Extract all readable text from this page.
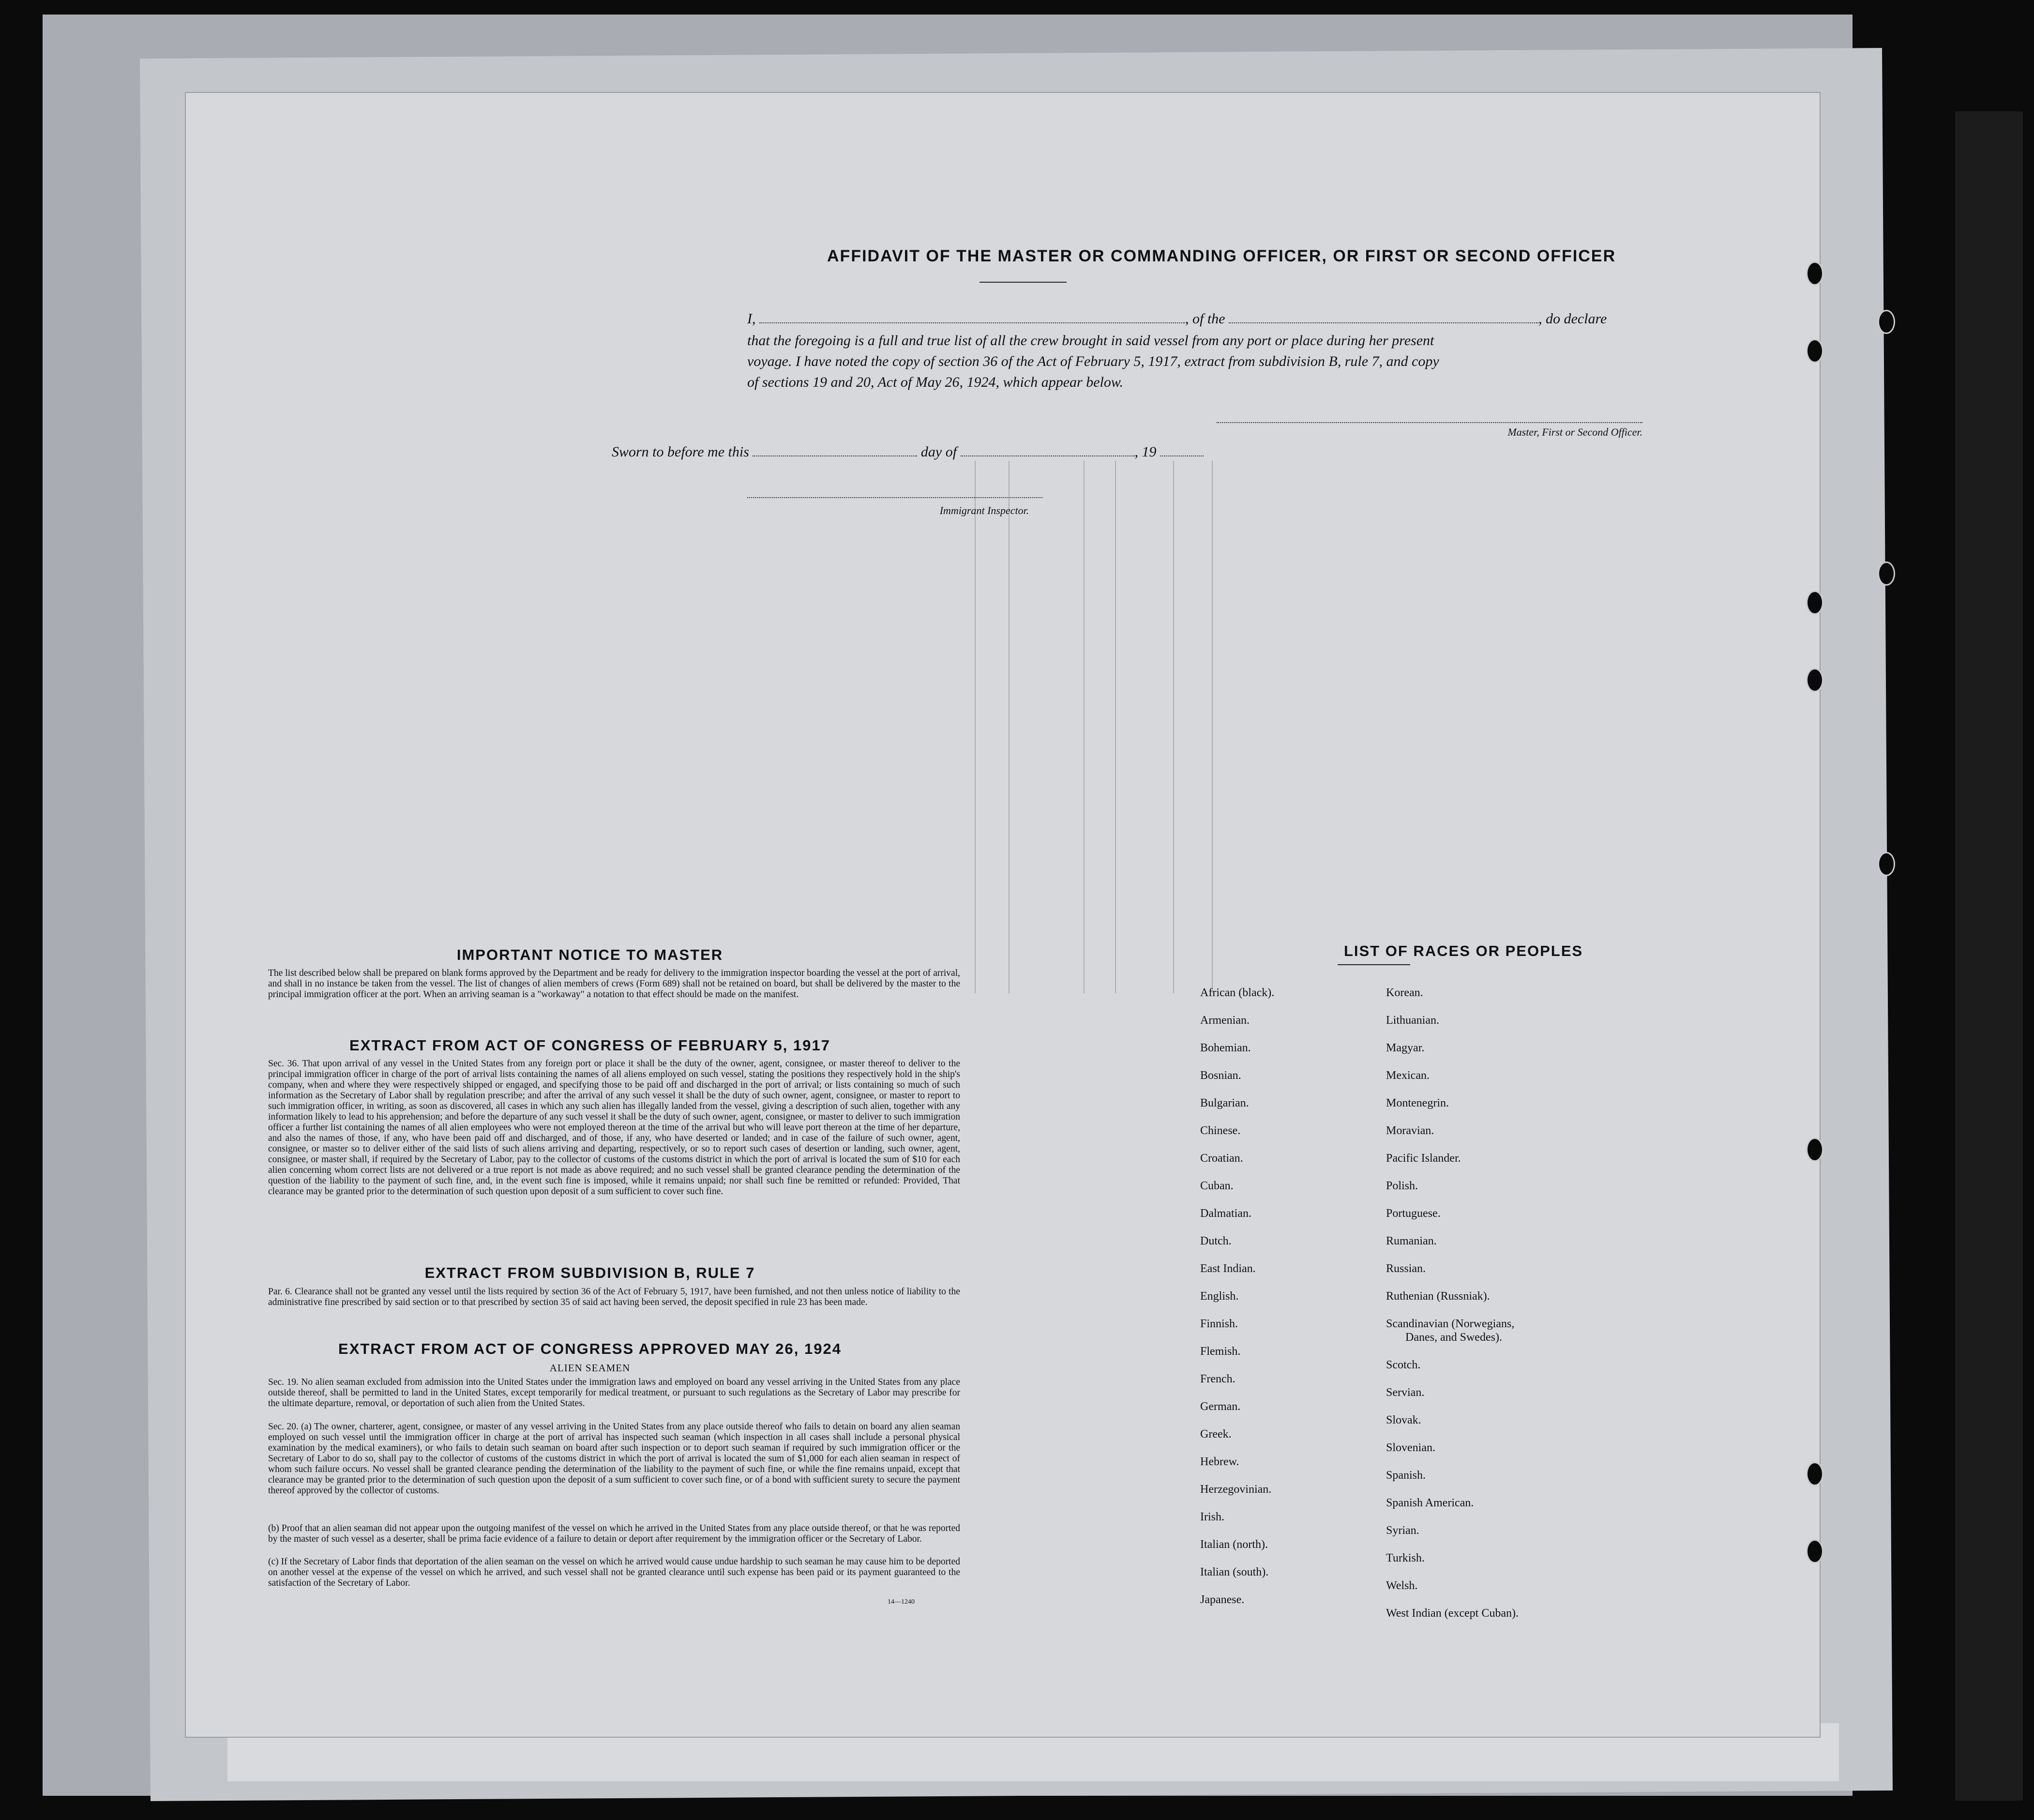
AFFIDAVIT OF THE MASTER OR COMMANDING OFFICER, OR FIRST OR SECOND OFFICER
I,	, of the	, do declare
that the foregoing is a full and true list of all the crew brought in said vessel from any port or place during her present
voyage. I have noted the copy of section 36 of the Act of February 5, 1917, extract from subdivision B, rule 7, and copy
of sections 19 and 20, Act of May 26, 1924, which appear below.
Master, First or Second Officer.
Sworn to before me this	day of	, 19
Immigrant Inspector.
IMPORTANT NOTICE TO MASTER
The list described below shall be prepared on blank forms approved by the Department and be ready for delivery to the immigration inspector boarding the vessel at the port of arrival, and shall in no instance be taken from the vessel. The list of changes of alien members of crews (Form 689) shall not be retained on board, but shall be delivered by the master to the principal immigration officer at the port. When an arriving seaman is a "workaway" a notation to that effect should be made on the manifest.
EXTRACT FROM ACT OF CONGRESS OF FEBRUARY 5, 1917
Sec. 36. That upon arrival of any vessel in the United States from any foreign port or place it shall be the duty of the owner, agent, consignee, or master thereof to deliver to the principal immigration officer in charge of the port of arrival lists containing the names of all aliens employed on such vessel, stating the positions they respectively hold in the ship's company, when and where they were respectively shipped or engaged, and specifying those to be paid off and discharged in the port of arrival; or lists containing so much of such information as the Secretary of Labor shall by regulation prescribe; and after the arrival of any such vessel it shall be the duty of such owner, agent, consignee, or master to report to such immigration officer, in writing, as soon as discovered, all cases in which any such alien has illegally landed from the vessel, giving a description of such alien, together with any information likely to lead to his apprehension; and before the departure of any such vessel it shall be the duty of such owner, agent, consignee, or master to deliver to such immigration officer a further list containing the names of all alien employees who were not employed thereon at the time of the arrival but who will leave port thereon at the time of her departure, and also the names of those, if any, who have been paid off and discharged, and of those, if any, who have deserted or landed; and in case of the failure of such owner, agent, consignee, or master so to deliver either of the said lists of such aliens arriving and departing, respectively, or so to report such cases of desertion or landing, such owner, agent, consignee, or master shall, if required by the Secretary of Labor, pay to the collector of customs of the customs district in which the port of arrival is located the sum of $10 for each alien concerning whom correct lists are not delivered or a true report is not made as above required; and no such vessel shall be granted clearance pending the determination of the question of the liability to the payment of such fine, and, in the event such fine is imposed, while it remains unpaid; nor shall such fine be remitted or refunded: Provided, That clearance may be granted prior to the determination of such question upon deposit of a sum sufficient to cover such fine.
EXTRACT FROM SUBDIVISION B, RULE 7
Par. 6. Clearance shall not be granted any vessel until the lists required by section 36 of the Act of February 5, 1917, have been furnished, and not then unless notice of liability to the administrative fine prescribed by said section or to that prescribed by section 35 of said act having been served, the deposit specified in rule 23 has been made.
EXTRACT FROM ACT OF CONGRESS APPROVED MAY 26, 1924
ALIEN SEAMEN
Sec. 19. No alien seaman excluded from admission into the United States under the immigration laws and employed on board any vessel arriving in the United States from any place outside thereof, shall be permitted to land in the United States, except temporarily for medical treatment, or pursuant to such regulations as the Secretary of Labor may prescribe for the ultimate departure, removal, or deportation of such alien from the United States.
Sec. 20. (a) The owner, charterer, agent, consignee, or master of any vessel arriving in the United States from any place outside thereof who fails to detain on board any alien seaman employed on such vessel until the immigration officer in charge at the port of arrival has inspected such seaman (which inspection in all cases shall include a personal physical examination by the medical examiners), or who fails to detain such seaman on board after such inspection or to deport such seaman if required by such immigration officer or the Secretary of Labor to do so, shall pay to the collector of customs of the customs district in which the port of arrival is located the sum of $1,000 for each alien seaman in respect of whom such failure occurs. No vessel shall be granted clearance pending the determination of the liability to the payment of such fine, or while the fine remains unpaid, except that clearance may be granted prior to the determination of such question upon the deposit of a sum sufficient to cover such fine, or of a bond with sufficient surety to secure the payment thereof approved by the collector of customs.
(b) Proof that an alien seaman did not appear upon the outgoing manifest of the vessel on which he arrived in the United States from any place outside thereof, or that he was reported by the master of such vessel as a deserter, shall be prima facie evidence of a failure to detain or deport after requirement by the immigration officer or the Secretary of Labor.
(c) If the Secretary of Labor finds that deportation of the alien seaman on the vessel on which he arrived would cause undue hardship to such seaman he may cause him to be deported on another vessel at the expense of the vessel on which he arrived, and such vessel shall not be granted clearance until such expense has been paid or its payment guaranteed to the satisfaction of the Secretary of Labor.
14—1240
LIST OF RACES OR PEOPLES
African (black).
Armenian.
Bohemian.
Bosnian.
Bulgarian.
Chinese.
Croatian.
Cuban.
Dalmatian.
Dutch.
East Indian.
English.
Finnish.
Flemish.
French.
German.
Greek.
Hebrew.
Herzegovinian.
Irish.
Italian (north).
Italian (south).
Japanese.
Korean.
Lithuanian.
Magyar.
Mexican.
Montenegrin.
Moravian.
Pacific Islander.
Polish.
Portuguese.
Rumanian.
Russian.
Ruthenian (Russniak).
Scandinavian (Norwegians,
Danes, and Swedes).
Scotch.
Servian.
Slovak.
Slovenian.
Spanish.
Spanish American.
Syrian.
Turkish.
Welsh.
West Indian (except Cuban).
